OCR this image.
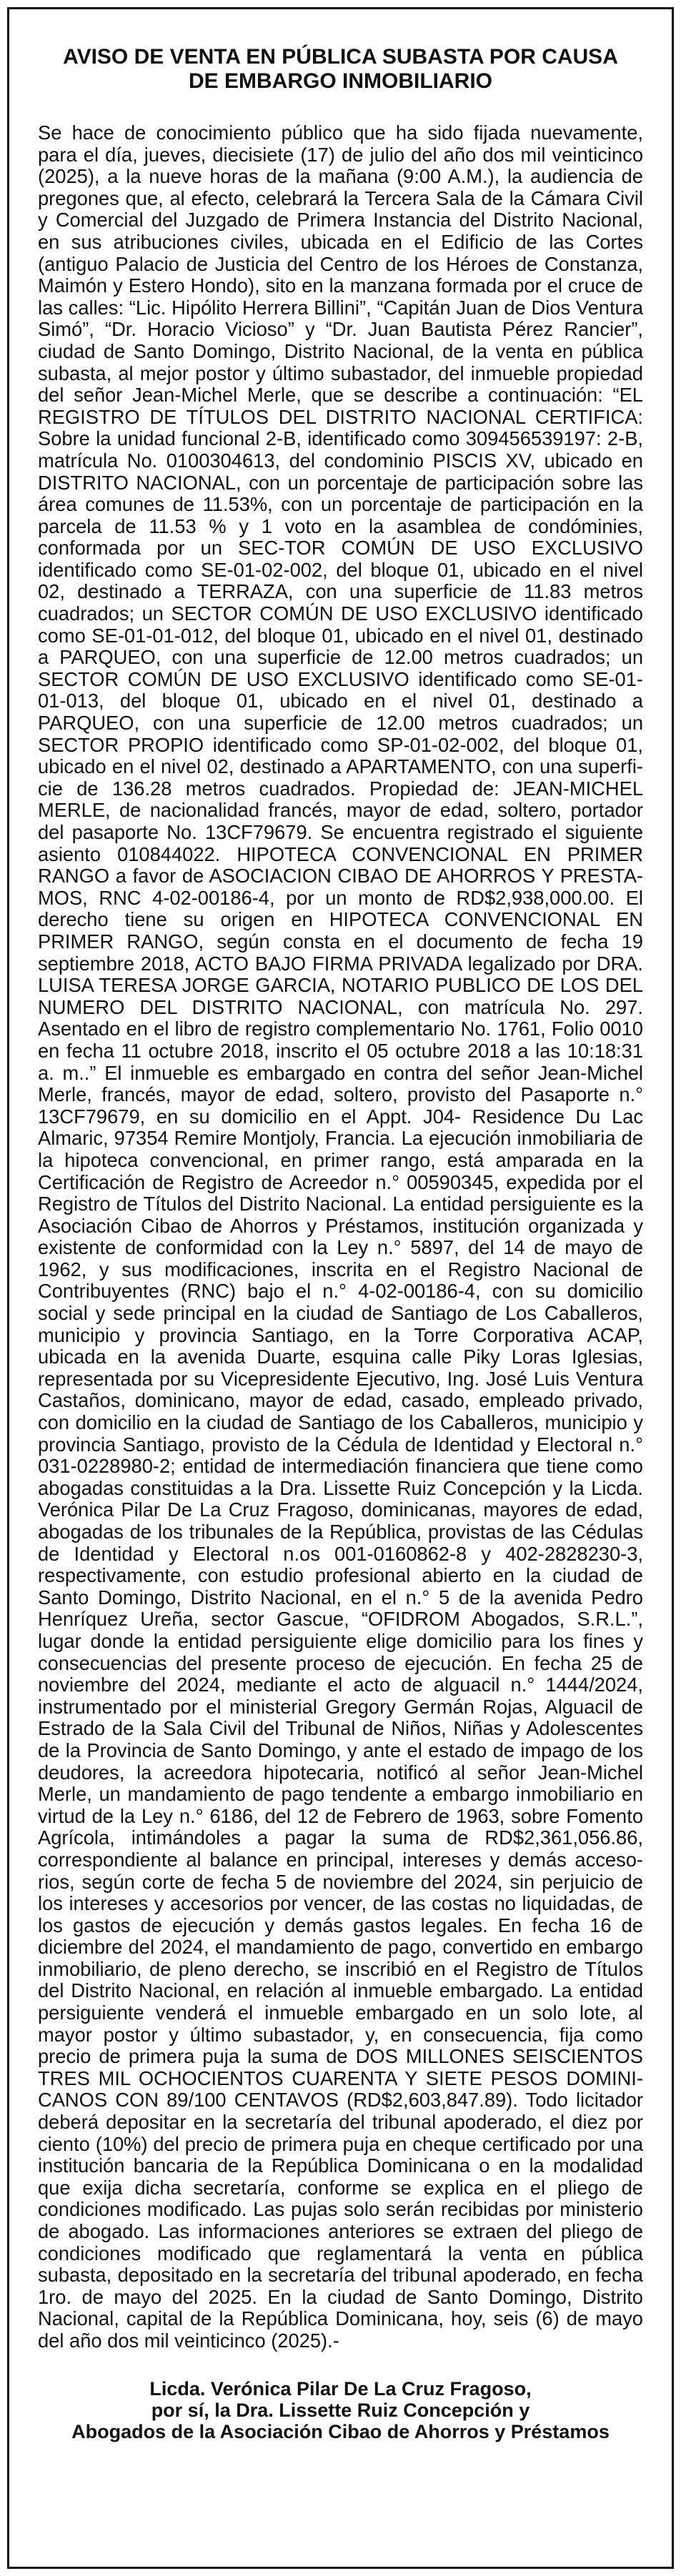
AVISO DE VENTA EN PÚBLICA SUBASTA POR CAUSA
DE EMBARGO INMOBILIARIO

Se hace de conocimiento público que ha sido fijada nuevamente, para el día, jueves, diecisiete (17) de julio del año dos mil veinticinco (2025), a la nueve horas de la mañana (9:00 A.M.), la audiencia de pregones que, al efecto, celebrará la Tercera Sala de la Cámara Civil y Comercial del Juzgado de Primera Instancia del Distrito Nacional, en sus atribuciones civiles, ubicada en el Edificio de las Cortes (antiguo Palacio de Justicia del Centro de los Héroes de Constanza, Maimón y Estero Hondo), sito en la manzana formada por el cruce de las calles: “Lic. Hipólito Herrera Billini”, “Capitán Juan de Dios Ventura Simó”, “Dr. Horacio Vicioso” y “Dr. Juan Bautista Pérez Rancier”, ciudad de Santo Domingo, Distrito Nacional, de la venta en pública subasta, al mejor postor y último subastador, del inmueble propiedad del señor Jean-Michel Merle, que se describe a continuación: “EL REGISTRO DE TÍTULOS DEL DISTRITO NACIONAL CERTIFICA: Sobre la unidad funcional 2-B, identificado como 309456539197: 2-B, matrícula No. 0100304613, del condominio PISCIS XV, ubicado en DISTRITO NACIONAL, con un porcentaje de participación sobre las área comunes de 11.53%, con un porcentaje de participación en la parcela de 11.53 % y 1 voto en la asamblea de condóminies, conformada por un SEC-TOR COMÚN DE USO EXCLUSIVO identificado como SE-01-02-002, del bloque 01, ubicado en el nivel 02, destinado a TERRAZA, con una superficie de 11.83 metros cuadrados; un SECTOR COMÚN DE USO EXCLUSIVO identificado como SE-01-01-012, del bloque 01, ubicado en el nivel 01, destinado a PARQUEO, con una superficie de 12.00 metros cuadrados; un SECTOR COMÚN DE USO EXCLUSIVO identificado como SE-01-01-013, del bloque 01, ubicado en el nivel 01, destinado a PARQUEO, con una superficie de 12.00 metros cuadrados; un SECTOR PROPIO identificado como SP-01-02-002, del bloque 01, ubicado en el nivel 02, destinado a APARTAMENTO, con una superfi-cie de 136.28 metros cuadrados. Propiedad de: JEAN-MICHEL MERLE, de nacionalidad francés, mayor de edad, soltero, portador del pasaporte No. 13CF79679. Se encuentra registrado el siguiente asiento 010844022. HIPOTECA CONVENCIONAL EN PRIMER RANGO a favor de ASOCIACION CIBAO DE AHORROS Y PRESTA-MOS, RNC 4-02-00186-4, por un monto de RD$2,938,000.00. El derecho tiene su origen en HIPOTECA CONVENCIONAL EN PRIMER RANGO, según consta en el documento de fecha 19 septiembre 2018, ACTO BAJO FIRMA PRIVADA legalizado por DRA. LUISA TERESA JORGE GARCIA, NOTARIO PUBLICO DE LOS DEL NUMERO DEL DISTRITO NACIONAL, con matrícula No. 297. Asentado en el libro de registro complementario No. 1761, Folio 0010 en fecha 11 octubre 2018, inscrito el 05 octubre 2018 a las 10:18:31 a. m..” El inmueble es embargado en contra del señor Jean-Michel Merle, francés, mayor de edad, soltero, provisto del Pasaporte n.° 13CF79679, en su domicilio en el Appt. J04- Residence Du Lac Almaric, 97354 Remire Montjoly, Francia. La ejecución inmobiliaria de la hipoteca convencional, en primer rango, está amparada en la Certificación de Registro de Acreedor n.° 00590345, expedida por el Registro de Títulos del Distrito Nacional. La entidad persiguiente es la Asociación Cibao de Ahorros y Préstamos, institución organizada y existente de conformidad con la Ley n.° 5897, del 14 de mayo de 1962, y sus modificaciones, inscrita en el Registro Nacional de Contribuyentes (RNC) bajo el n.° 4-02-00186-4, con su domicilio social y sede principal en la ciudad de Santiago de Los Caballeros, municipio y provincia Santiago, en la Torre Corporativa ACAP, ubicada en la avenida Duarte, esquina calle Piky Loras Iglesias, representada por su Vicepresidente Ejecutivo, Ing. José Luis Ventura Castaños, dominicano, mayor de edad, casado, empleado privado, con domicilio en la ciudad de Santiago de los Caballeros, municipio y provincia Santiago, provisto de la Cédula de Identidad y Electoral n.° 031-0228980-2; entidad de intermediación financiera que tiene como abogadas constituidas a la Dra. Lissette Ruiz Concepción y la Licda. Verónica Pilar De La Cruz Fragoso, dominicanas, mayores de edad, abogadas de los tribunales de la República, provistas de las Cédulas de Identidad y Electoral n.os 001-0160862-8 y 402-2828230-3, respectivamente, con estudio profesional abierto en la ciudad de Santo Domingo, Distrito Nacional, en el n.° 5 de la avenida Pedro Henríquez Ureña, sector Gascue, “OFIDROM Abogados, S.R.L.”, lugar donde la entidad persiguiente elige domicilio para los fines y consecuencias del presente proceso de ejecución. En fecha 25 de noviembre del 2024, mediante el acto de alguacil n.° 1444/2024, instrumentado por el ministerial Gregory Germán Rojas, Alguacil de Estrado de la Sala Civil del Tribunal de Niños, Niñas y Adolescentes de la Provincia de Santo Domingo, y ante el estado de impago de los deudores, la acreedora hipotecaria, notificó al señor Jean-Michel Merle, un mandamiento de pago tendente a embargo inmobiliario en virtud de la Ley n.° 6186, del 12 de Febrero de 1963, sobre Fomento Agrícola, intimándoles a pagar la suma de RD$2,361,056.86, correspondiente al balance en principal, intereses y demás acceso-rios, según corte de fecha 5 de noviembre del 2024, sin perjuicio de los intereses y accesorios por vencer, de las costas no liquidadas, de los gastos de ejecución y demás gastos legales. En fecha 16 de diciembre del 2024, el mandamiento de pago, convertido en embargo inmobiliario, de pleno derecho, se inscribió en el Registro de Títulos del Distrito Nacional, en relación al inmueble embargado. La entidad persiguiente venderá el inmueble embargado en un solo lote, al mayor postor y último subastador, y, en consecuencia, fija como precio de primera puja la suma de DOS MILLONES SEISCIENTOS TRES MIL OCHOCIENTOS CUARENTA Y SIETE PESOS DOMINI-CANOS CON 89/100 CENTAVOS (RD$2,603,847.89). Todo licitador deberá depositar en la secretaría del tribunal apoderado, el diez por ciento (10%) del precio de primera puja en cheque certificado por una institución bancaria de la República Dominicana o en la modalidad que exija dicha secretaría, conforme se explica en el pliego de condiciones modificado. Las pujas solo serán recibidas por ministerio de abogado. Las informaciones anteriores se extraen del pliego de condiciones modificado que reglamentará la venta en pública subasta, depositado en la secretaría del tribunal apoderado, en fecha 1ro. de mayo del 2025. En la ciudad de Santo Domingo, Distrito Nacional, capital de la República Dominicana, hoy, seis (6) de mayo del año dos mil veinticinco (2025).-

Licda. Verónica Pilar De La Cruz Fragoso,
por sí, la Dra. Lissette Ruiz Concepción y
Abogados de la Asociación Cibao de Ahorros y Préstamos
